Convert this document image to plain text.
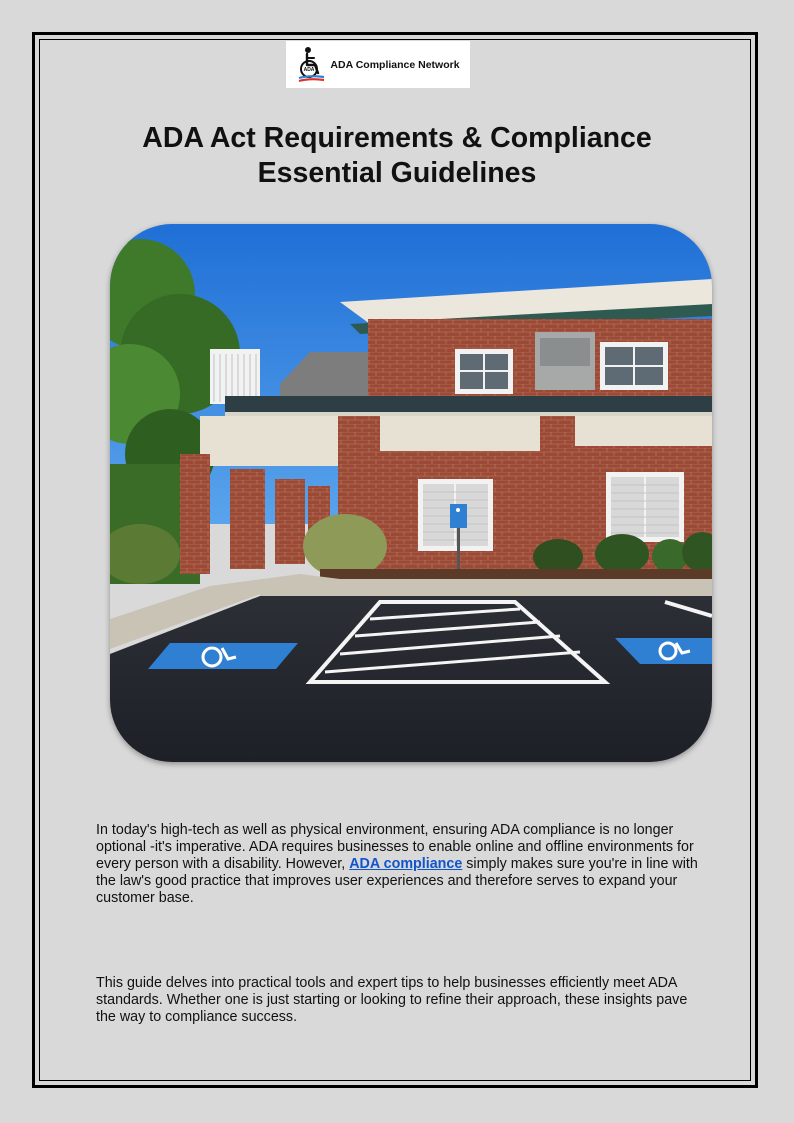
ADA ADA Compliance Network
ADA Act Requirements & Compliance
Essential Guidelines

In today's high-tech as well as physical environment, ensuring ADA compliance is no longer optional -it's imperative. ADA requires businesses to enable online and offline environments for every person with a disability. However, ADA compliance simply makes sure you're in line with the law's good practice that improves user experiences and therefore serves to expand your customer base.

This guide delves into practical tools and expert tips to help businesses efficiently meet ADA standards. Whether one is just starting or looking to refine their approach, these insights pave the way to compliance success.
